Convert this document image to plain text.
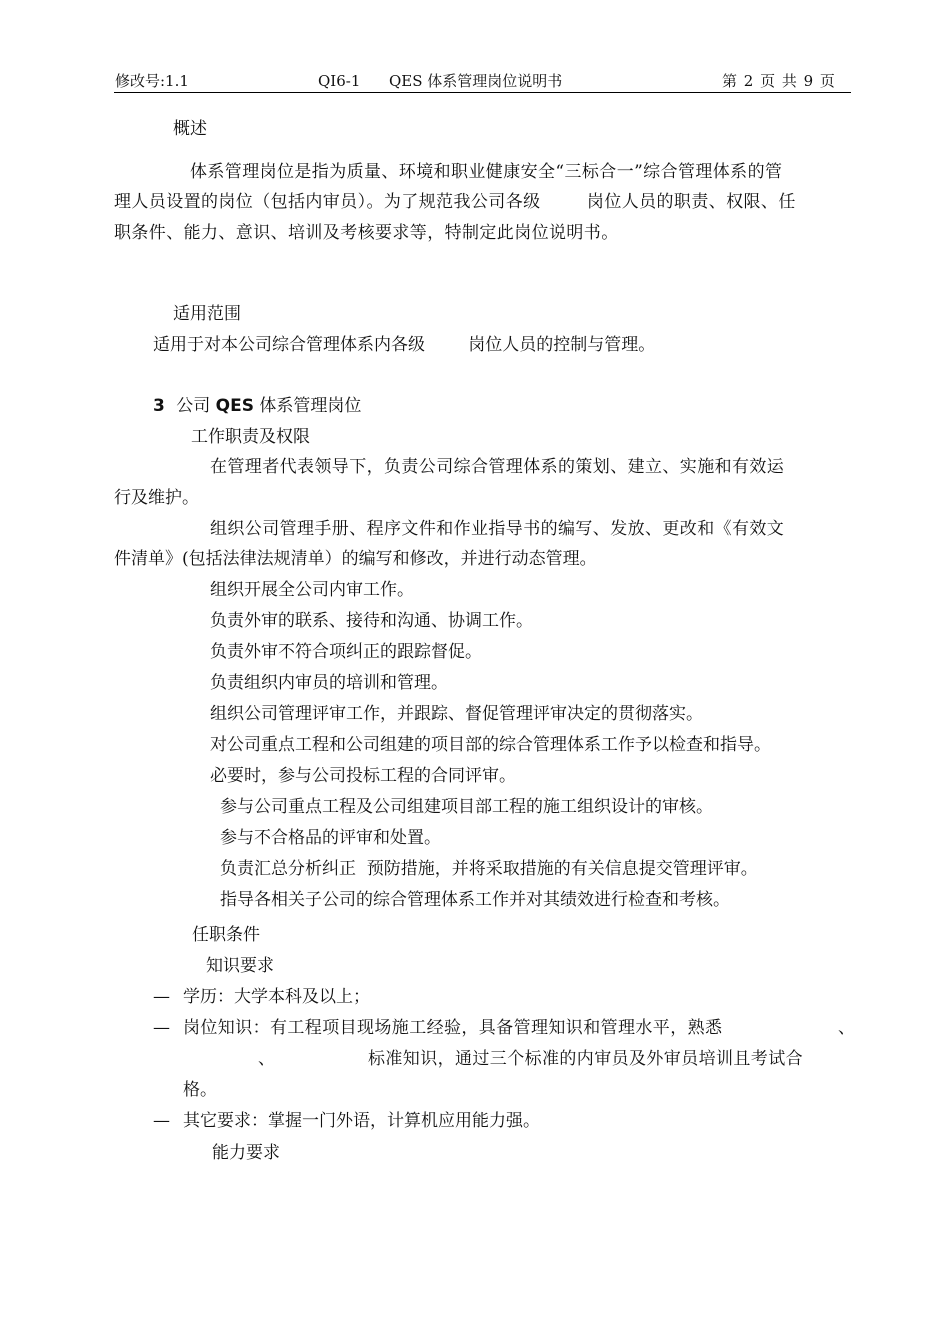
修改号:1.1	QI6-1      QES 体系管理岗位说明书	第 2 页 共 9 页
概述
体系管理岗位是指为质量、环境和职业健康安全“三标合一”综合管理体系的管
理人员设置的岗位（包括内审员）。为了规范我公司各级        岗位人员的职责、权限、任
职条件、能力、意识、培训及考核要求等，特制定此岗位说明书。
适用范围
适用于对本公司综合管理体系内各级        岗位人员的控制与管理。
3 公司 QES 体系管理岗位
工作职责及权限
在管理者代表领导下，负责公司综合管理体系的策划、建立、实施和有效运
行及维护。
组织公司管理手册、程序文件和作业指导书的编写、发放、更改和《有效文
件清单》(包括法律法规清单）的编写和修改，并进行动态管理。
组织开展全公司内审工作。
负责外审的联系、接待和沟通、协调工作。
负责外审不符合项纠正的跟踪督促。
负责组织内审员的培训和管理。
组织公司管理评审工作，并跟踪、督促管理评审决定的贯彻落实。
对公司重点工程和公司组建的项目部的综合管理体系工作予以检查和指导。
必要时，参与公司投标工程的合同评审。
参与公司重点工程及公司组建项目部工程的施工组织设计的审核。
参与不合格品的评审和处置。
负责汇总分析纠正  预防措施，并将采取措施的有关信息提交管理评审。
指导各相关子公司的综合管理体系工作并对其绩效进行检查和考核。
任职条件
知识要求
— 学历：大学本科及以上；
— 岗位知识：有工程项目现场施工经验，具备管理知识和管理水平，熟悉	、
、	标准知识，通过三个标准的内审员及外审员培训且考试合
格。
— 其它要求：掌握一门外语，计算机应用能力强。
能力要求
